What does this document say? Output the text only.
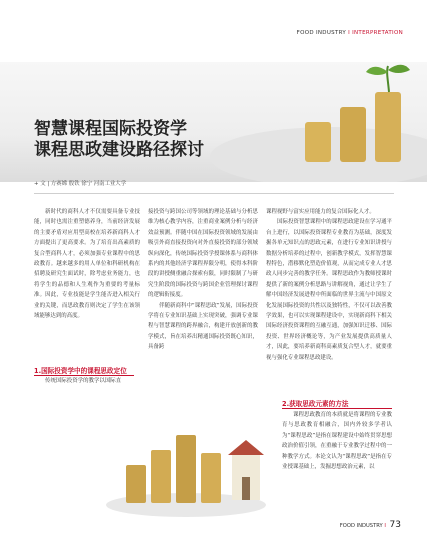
FOOD INDUSTRY I INTERPRETATION
智慧课程国际投资学
课程思政建设路径探讨
+ 文 | 方赛嫦 殷铁 徐宁 河南工业大学

新时代的商科人才不仅需要具备专业技能，同时也需注重塑德养身，当前经济发展的主要矛盾对应用型高校在培养新商科人才方面提出了更高要求。为了培育出高素质的复合型商科人才，必须加强专业课程中的思政教育。越来越多的用人单位和科研机构在招聘及研究生面试时，除考虑业务能力，也将学生的品德和人生观作为重要的考量标准。因此，专业技能是学生能否进入相关行业的关键，而思政教育则决定了学生在该领域能够达到的高度。

1.国际投资学中的课程思政定位

传统国际投资学的教学以国际直

接投资与跨国公司等领域的理论基础与分析思维为核心教学内容，注重商业案例分析与经济效益预测。伴随中国在国际投资领域的发展由吸引外商直接投资向对外直接投资的部分领域纵向深化，传统国际投资学授课体系与商科体系内的其他经济学课程界限分明，使得本科阶段的讲授侧重融合探索有限，同时限制了与研究生阶段的国际投资与跨国企业管理探讨课程的逻辑衔接度。

伴随新商科中“课程思政”发展，国际投资学将在专业知识基础上实现突破，强调专业课程与智慧课程的跨界融合，构建开放创新的教学模式，旨在培养出精通国际投资既心知识，具备跨

课程视野与富实应用能力的复合国际化人才。

国际投资智慧课程中的课程思政建设在学习通平台上进行，以国际投资课程专业教育为基础，深度发掘各单元知识点的思政元素，在进行专业知识讲授与数据分析培养的过程中，创新教学模式，发挥智慧课程特色，潜移默化塑造价值观，从而完成专业人才思政人同步完善的教学任务。课程思政作为教师授课时提供了新的案例分析思路与讲解视角，通过让学生了解中国经济发展进程中所面临的世界主流与中国原文化发展国际投资的共性以及独特性，不仅可以改善教学效果，也可以实现课程建设中，实现新商科下相关国际经济投资课程的互融互通，加强知识迁移、国际投资、世界经济概论等，为产业发展提供高质量人才，因此，要培养新商科高素质复合型人才，就要重视与强化专业课程思政建设。

2.获取思政元素的方法

课程思政教育的本质就是将课程的专业教育与思政教育相融合，国内外较多学者认为“课程思政”是指在课程建设中始终贯穿思想政治价值引领，在重融于专业教学过程中的一种教学方式。本论文认为“课程思政”是指在专业授课基础上，发掘思想政治元素，以

FOOD INDUSTRY I 73
